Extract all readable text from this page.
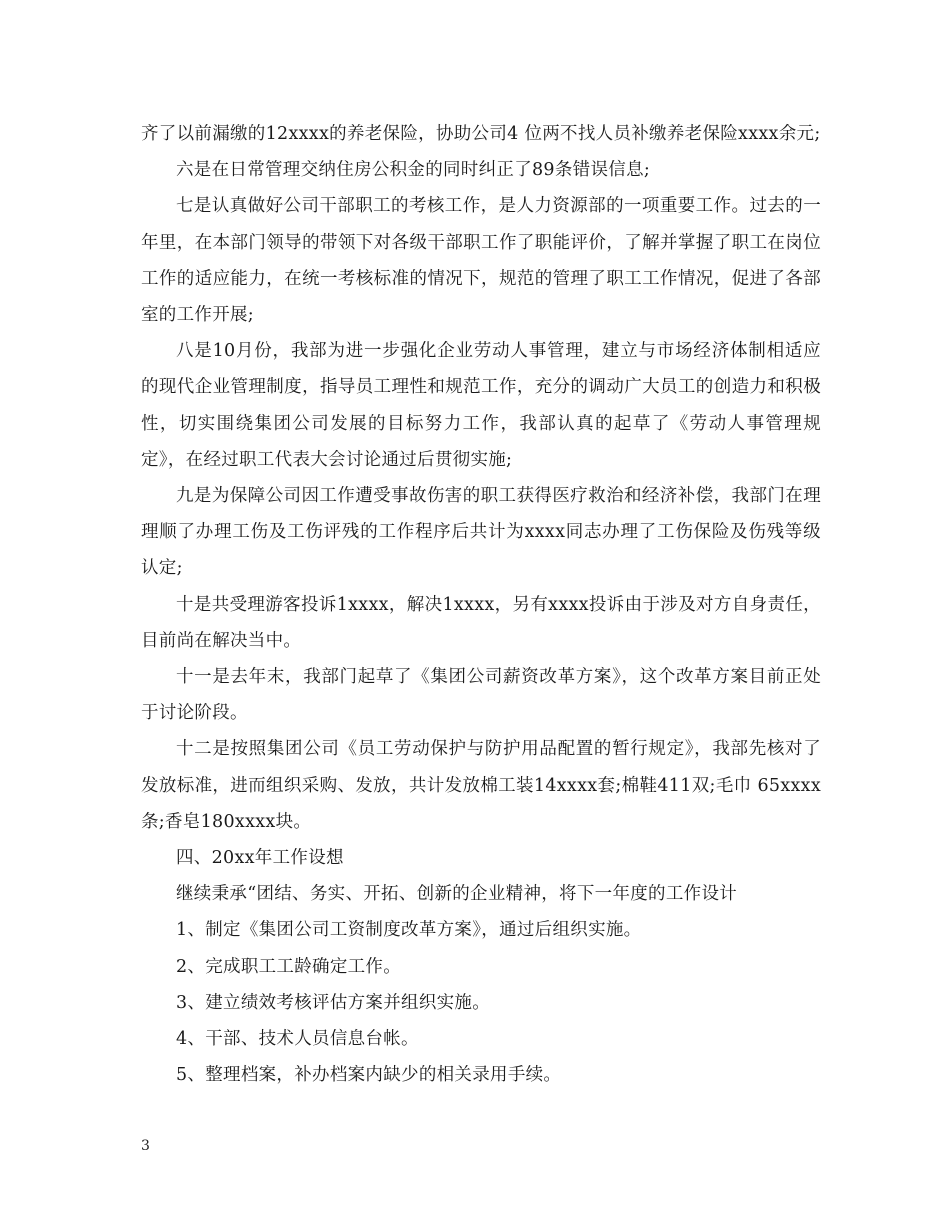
齐了以前漏缴的12xxxx的养老保险，协助公司4 位两不找人员补缴养老保险xxxx余元;

六是在日常管理交纳住房公积金的同时纠正了89条错误信息;

七是认真做好公司干部职工的考核工作，是人力资源部的一项重要工作。过去的一年里，在本部门领导的带领下对各级干部职工作了职能评价，了解并掌握了职工在岗位工作的适应能力，在统一考核标准的情况下，规范的管理了职工工作情况，促进了各部室的工作开展;

八是10月份，我部为进一步强化企业劳动人事管理，建立与市场经济体制相适应的现代企业管理制度，指导员工理性和规范工作，充分的调动广大员工的创造力和积极性，切实围绕集团公司发展的目标努力工作，我部认真的起草了《劳动人事管理规定》，在经过职工代表大会讨论通过后贯彻实施;

九是为保障公司因工作遭受事故伤害的职工获得医疗救治和经济补偿，我部门在理理顺了办理工伤及工伤评残的工作程序后共计为xxxx同志办理了工伤保险及伤残等级认定;

十是共受理游客投诉1xxxx，解决1xxxx，另有xxxx投诉由于涉及对方自身责任，目前尚在解决当中。

十一是去年末，我部门起草了《集团公司薪资改革方案》，这个改革方案目前正处于讨论阶段。

十二是按照集团公司《员工劳动保护与防护用品配置的暂行规定》，我部先核对了发放标准，进而组织采购、发放，共计发放棉工装14xxxx套;棉鞋411双;毛巾 65xxxx条;香皂180xxxx块。

四、20xx年工作设想

继续秉承“团结、务实、开拓、创新的企业精神，将下一年度的工作设计

1、制定《集团公司工资制度改革方案》，通过后组织实施。

2、完成职工工龄确定工作。

3、建立绩效考核评估方案并组织实施。

4、干部、技术人员信息台帐。

5、整理档案，补办档案内缺少的相关录用手续。

3
